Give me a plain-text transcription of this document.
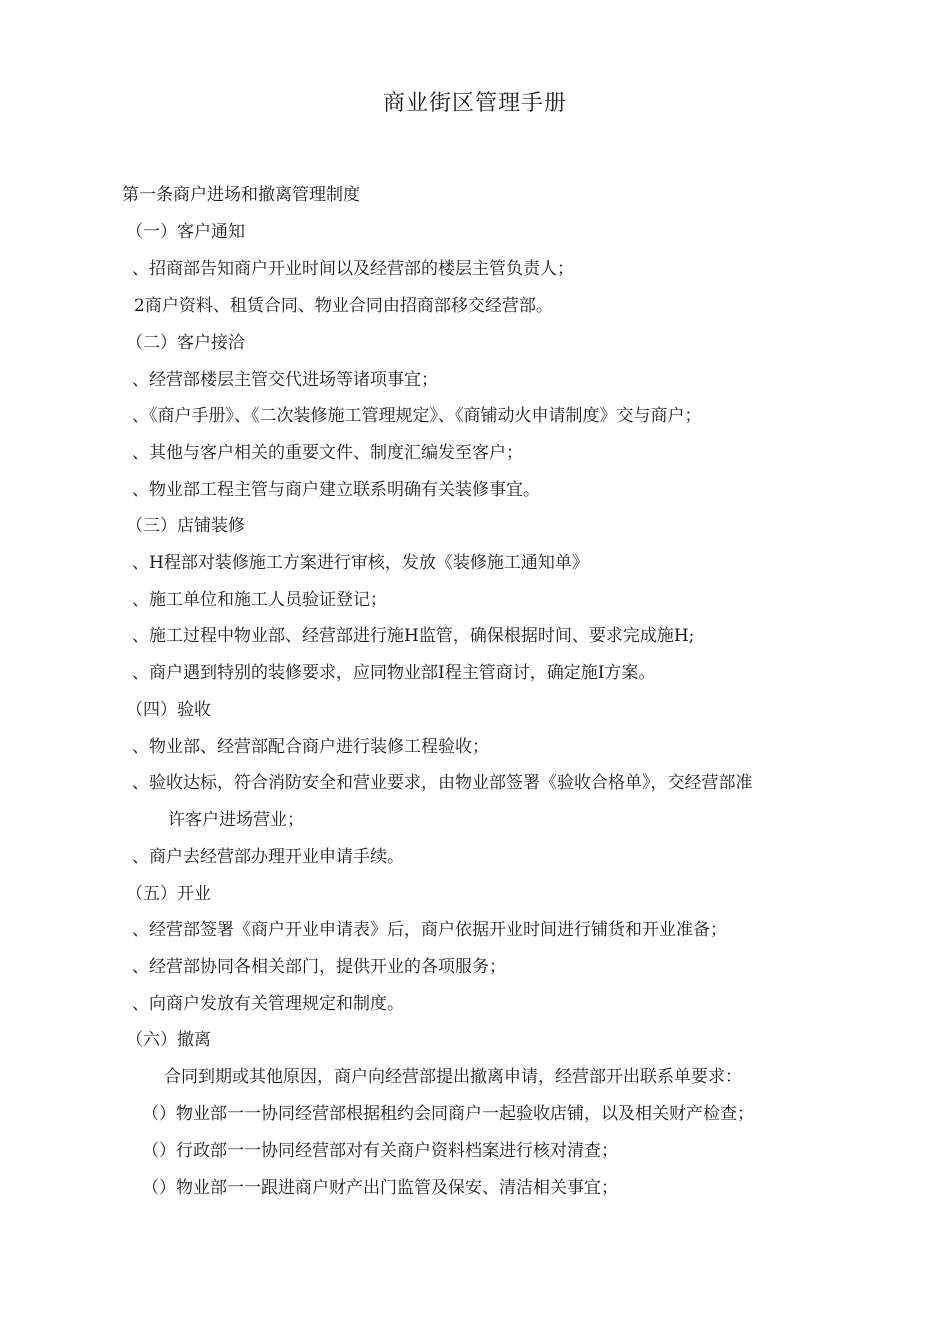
商业街区管理手册
第一条商户进场和撤离管理制度
（一）客户通知
、招商部告知商户开业时间以及经营部的楼层主管负责人；
2商户资料、租赁合同、物业合同由招商部移交经营部。
（二）客户接洽
、经营部楼层主管交代进场等诸项事宜；
、《商户手册》、《二次装修施工管理规定》、《商铺动火申请制度》交与商户；
、其他与客户相关的重要文件、制度汇编发至客户；
、物业部工程主管与商户建立联系明确有关装修事宜。
（三）店铺装修
、H程部对装修施工方案进行审核，发放《装修施工通知单》
、施工单位和施工人员验证登记；
、施工过程中物业部、经营部进行施H监管，确保根据时间、要求完成施H;
、商户遇到特别的装修要求，应同物业部I程主管商讨，确定施I方案。
（四）验收
、物业部、经营部配合商户进行装修工程验收；
、验收达标，符合消防安全和营业要求，由物业部签署《验收合格单》，交经营部准
许客户进场营业；
、商户去经营部办理开业申请手续。
（五）开业
、经营部签署《商户开业申请表》后，商户依据开业时间进行铺货和开业准备；
、经营部协同各相关部门，提供开业的各项服务；
、向商户发放有关管理规定和制度。
（六）撤离
合同到期或其他原因，商户向经营部提出撤离申请，经营部开出联系单要求：
（）物业部一一协同经营部根据租约会同商户一起验收店铺，以及相关财产检查；
（）行政部一一协同经营部对有关商户资料档案进行核对清查；
（）物业部一一跟进商户财产出门监管及保安、清洁相关事宜；
